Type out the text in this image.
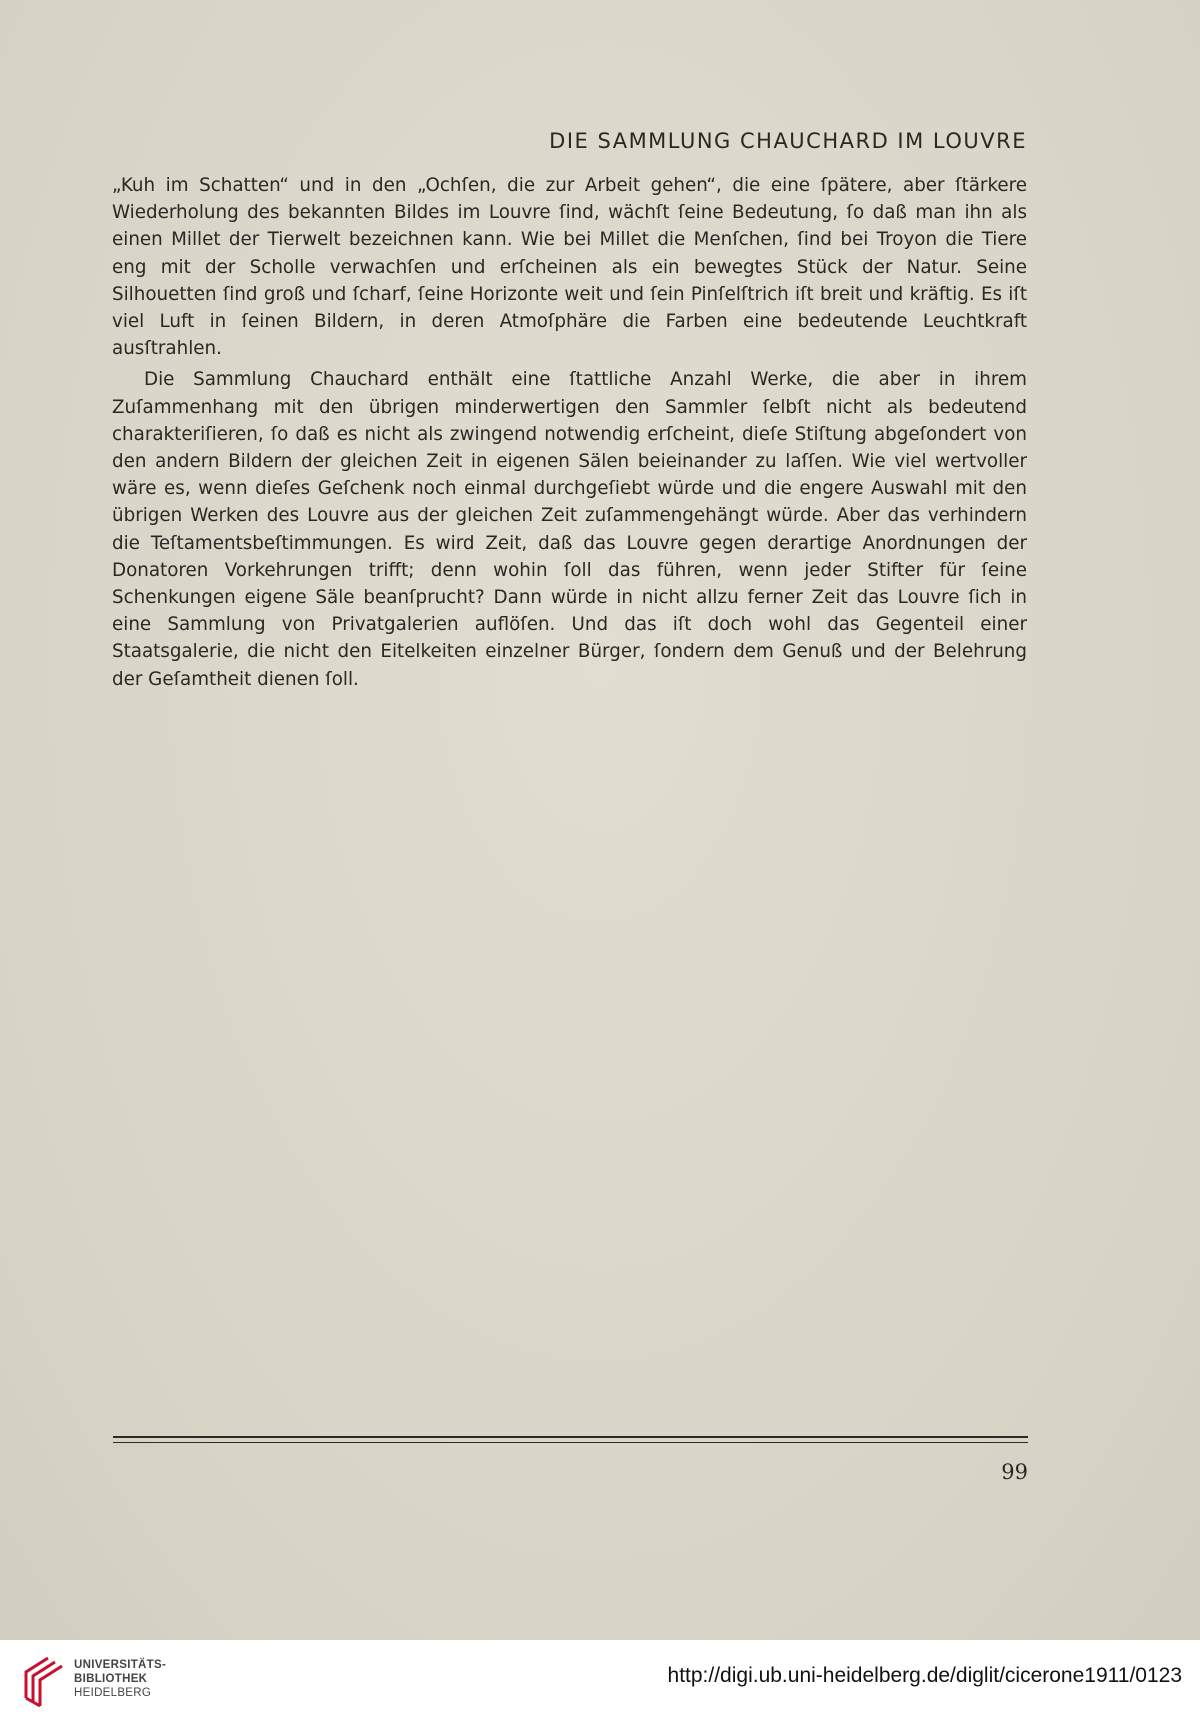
DIE SAMMLUNG CHAUCHARD IM LOUVRE

„Kuh im Schatten“ und in den „Ochſen, die zur Arbeit gehen“, die eine ſpätere, aber ſtärkere Wiederholung des bekannten Bildes im Louvre ſind, wächſt ſeine Bedeutung, ſo daß man ihn als einen Millet der Tierwelt bezeichnen kann. Wie bei Millet die Menſchen, ſind bei Troyon die Tiere eng mit der Scholle verwachſen und erſcheinen als ein bewegtes Stück der Natur. Seine Silhouetten ſind groß und ſcharf, ſeine Horizonte weit und ſein Pinſelſtrich iſt breit und kräftig. Es iſt viel Luft in ſeinen Bildern, in deren Atmoſphäre die Farben eine bedeutende Leuchtkraft ausſtrahlen.

Die Sammlung Chauchard enthält eine ſtattliche Anzahl Werke, die aber in ihrem Zuſammenhang mit den übrigen minderwertigen den Sammler ſelbſt nicht als bedeutend charakteriſieren, ſo daß es nicht als zwingend notwendig erſcheint, dieſe Stiſtung abgeſondert von den andern Bildern der gleichen Zeit in eigenen Sälen beieinander zu laſſen. Wie viel wertvoller wäre es, wenn dieſes Geſchenk noch einmal durchgeſiebt würde und die engere Auswahl mit den übrigen Werken des Louvre aus der gleichen Zeit zuſammengehängt würde. Aber das verhindern die Teſtamentsbeſtimmungen. Es wird Zeit, daß das Louvre gegen derartige Anordnungen der Donatoren Vorkehrungen trifft; denn wohin ſoll das führen, wenn jeder Stifter für ſeine Schenkungen eigene Säle beanſprucht? Dann würde in nicht allzu ferner Zeit das Louvre ſich in eine Sammlung von Privatgalerien auflöſen. Und das iſt doch wohl das Gegenteil einer Staatsgalerie, die nicht den Eitelkeiten einzelner Bürger, ſondern dem Genuß und der Belehrung der Geſamtheit dienen ſoll.

99
UNIVERSITÄTS-
BIBLIOTHEK
HEIDELBERG
http://digi.ub.uni-heidelberg.de/diglit/cicerone1911/0123
